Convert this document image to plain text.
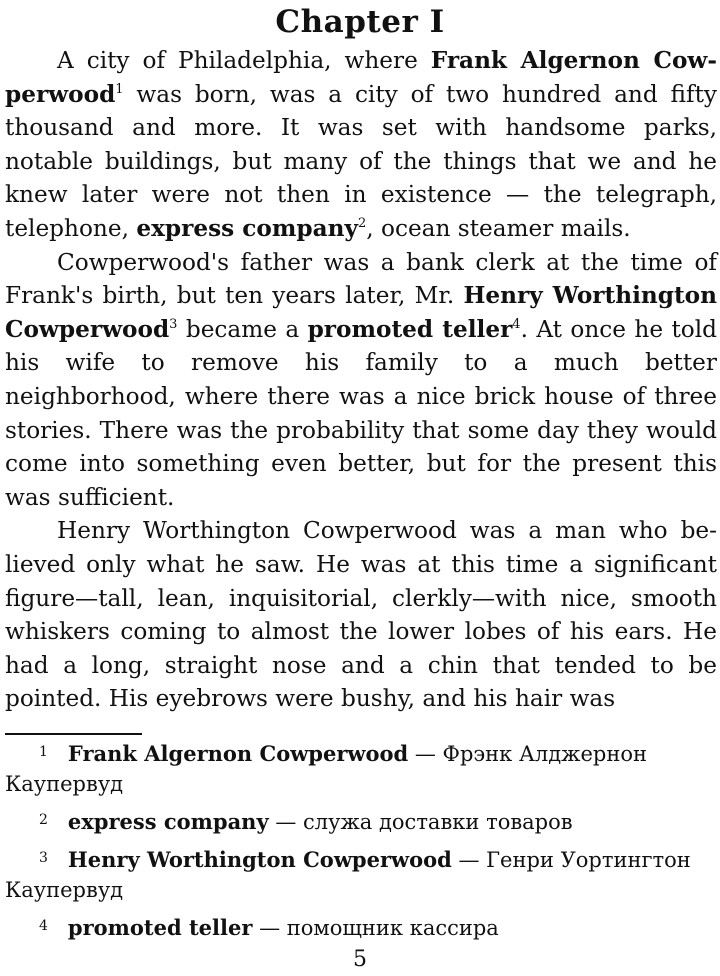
Chapter I

A city of Philadelphia, where Frank Algernon Cowperwood$^1$ was born, was a city of two hundred and fifty thousand and more. It was set with handsome parks, notable buildings, but many of the things that we and he knew later were not then in existence — the telegraph, telephone, express company$^2$, ocean steamer mails.

Cowperwood's father was a bank clerk at the time of Frank's birth, but ten years later, Mr. Henry Worthington Cowperwood$^3$ became a promoted teller$^4$. At once he told his wife to remove his family to a much better neighborhood, where there was a nice brick house of three stories. There was the probability that some day they would come into something even better, but for the present this was sufficient.

Henry Worthington Cowperwood was a man who believed only what he saw. He was at this time a significant figure—tall, lean, inquisitorial, clerkly—with nice, smooth whiskers coming to almost the lower lobes of his ears. He had a long, straight nose and a chin that tended to be pointed. His eyebrows were bushy, and his hair was

$^1$ Frank Algernon Cowperwood — Фрэнк Алджернон Каупервуд
$^2$ express company — служа доставки товаров
$^3$ Henry Worthington Cowperwood — Генри Уортингтон Каупервуд
$^4$ promoted teller — помощник кассира
5
